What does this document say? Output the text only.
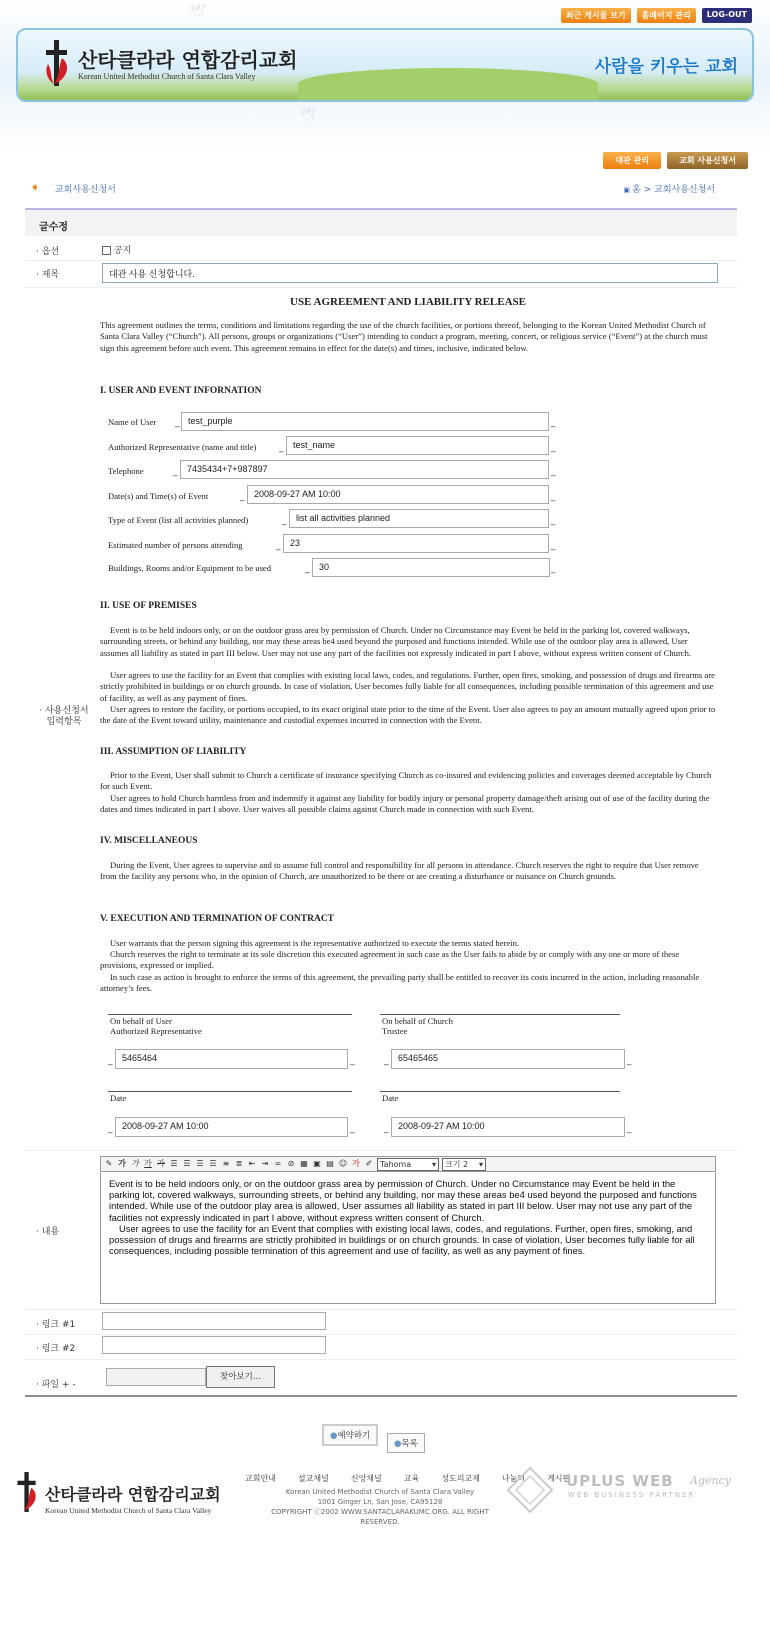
🕊
🕊
최근 게시물 보기	홈페이지 관리	LOG-OUT
산타클라라 연합감리교회
Korean United Methodist Church of Santa Clara Valley	사람을 키우는 교회
대관 관리	교회 사용신청서
➧ 교회사용신청서	▣ 홈 > 교회사용신청서
글수정
· 옵션	공지
· 제목	대관 사용 신청합니다.
USE AGREEMENT AND LIABILITY RELEASE
This agreement outlines the terms, conditions and limitations regarding the use of the church facilities, or portions thereof, belonging to the Korean United Methodist Church of Santa Clara Valley (“Church”). All persons, groups or organizations (“User”) intending to conduct a program, meeting, concert, or religious service (“Event”) at the church must sign this agreement before such event. This agreement remains in effect for the date(s) and times, inclusive, indicated below.
I. USER AND EVENT INFORNATION
Name of User _ test_purple	_
Authorized Representative (name and title)	_	test_name	_
Telephone	_	7435434+7+987897	_
Date(s) and Time(s) of Event	_	2008-09-27 AM 10:00	_
Type of Event (list all activities planned)	_	list all activities planned	_
Estimated number of persons attending	_	23	_
Buildings, Rooms and/or Equipment to be used	_	30	_
· 사용신청서 입력항목
II. USE OF PREMISES
Event is to be held indoors only, or on the outdoor grass area by permission of Church. Under no Circumstance may Event be held in the parking lot, covered walkways, surrounding streets, or behind any building, nor may these areas be4 used beyond the purposed and functions intended. While use of the outdoor play area is allowed, User assumes all liability as stated in part III below. User may not use any part of the facilities not expressly indicated in part I above, without express written consent of Church.
User agrees to use the facility for an Event that complies with existing local laws, codes, and regulations. Further, open fires, smoking, and possession of drugs and firearms are strictly prohibited in buildings or on church grounds. In case of violation, User becomes fully liable for all consequences, including possible termination of this agreement and use of facility, as well as any payment of fines.
User agrees to restore the facility, or portions occupied, to its exact original state prior to the time of the Event. User also agrees to pay an amount mutually agreed upon prior to the date of the Event toward utility, maintenance and custodial expenses incurred in connection with the Event.
III. ASSUMPTION OF LIABILITY
Prior to the Event, User shall submit to Church a certificate of insurance specifying Church as co-insured and evidencing policies and coverages deemed acceptable by Church for such Event.
User agrees to hold Church harmless from and indemnify it against any liability for bodily injury or personal property damage/theft arising out of use of the facility during the dates and times indicated in part I above. User waives all possible claims against Church made in connection with such Event.
IV. MISCELLANEOUS
During the Event, User agrees to supervise and to assume full control and responsibility for all persons in attendance. Church reserves the right to require that User remove from the facility any persons who, in the opinion of Church, are unauthorized to be there or are creating a disturbance or nuisance on Church grounds.
V. EXECUTION AND TERMINATION OF CONTRACT
User warrants that the person signing this agreement is the representative authorized to execute the terms stated herein.
Church reserves the right to terminate at its sole discretion this executed agreement in such case as the User fails to abide by or comply with any one or more of these provisions, expressed or implied.
In such case as action is brought to enforce the terms of this agreement, the prevailing party shall be entitled to recover its costs incurred in the action, including reasonable attorney’s fees.
On behalf of User
Authorized Representative
On behalf of Church
Trustee
_	5465464	_	_	65465465	_
Date	Date
_	2008-09-27 AM 10:00	_	_	2008-09-27 AM 10:00	_
· 내용
✎ 가 가 가 가 ☰ ☰ ☰ ☰ ≡ ≣ ⇤ ⇥ ∞ ⊘ ▦ ▣ ▤ ☺ 가 ✐ Tahoma	▾ 크기 2 ▾
Event is to be held indoors only, or on the outdoor grass area by permission of Church. Under no Circumstance may Event be held in the parking lot, covered walkways, surrounding streets, or behind any building, nor may these areas be4 used beyond the purposed and functions intended. While use of the outdoor play area is allowed, User assumes all liability as stated in part III below. User may not use any part of the facilities not expressly indicated in part I above, without express written consent of Church.
User agrees to use the facility for an Event that complies with existing local laws, codes, and regulations. Further, open fires, smoking, and possession of drugs and firearms are strictly prohibited in buildings or on church grounds. In case of violation, User becomes fully liable for all consequences, including possible termination of this agreement and use of facility, as well as any payment of fines.
· 링크 #1
· 링크 #2
· 파일 + -
찾아보기...
●예약하기
●목록
산타클라라 연합감리교회
Korean United Methodist Church of Santa Clara Valley
교회안내	설교채널	신앙채널	교육	성도의교제	나눔터	게시판
Korean United Methodist Church of Santa Clara Valley
1001 Ginger Ln, San Jose, CA95128
COPYRIGHT ⓒ2002 WWW.SANTACLARAKUMC.ORG. ALL RIGHT RESERVED.
UPLUS WEB
WEB BUSINESS PARTNER
Agency
